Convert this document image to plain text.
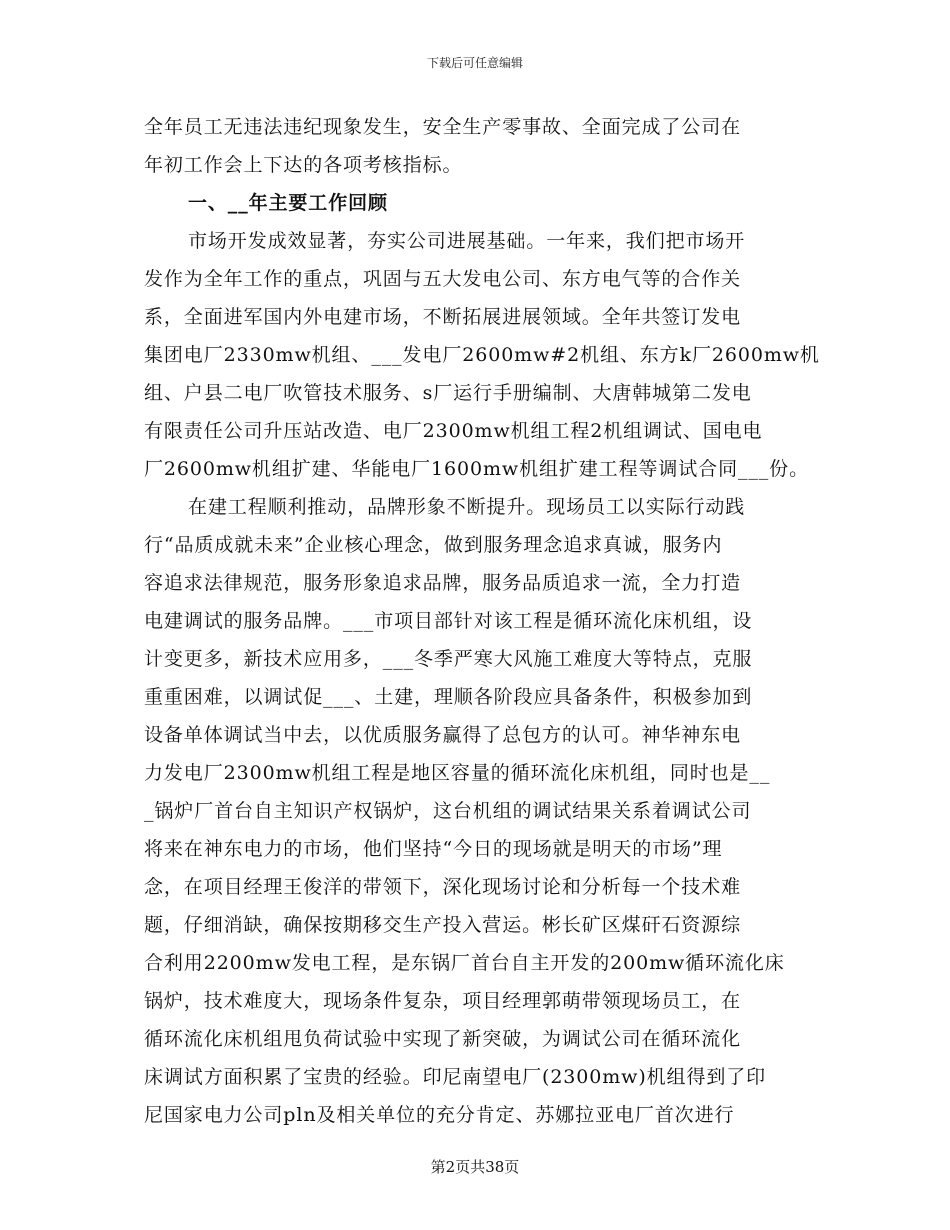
下载后可任意编辑
全年员工无违法违纪现象发生，安全生产零事故、全面完成了公司在
年初工作会上下达的各项考核指标。
一、__年主要工作回顾
市场开发成效显著，夯实公司进展基础。一年来，我们把市场开
发作为全年工作的重点，巩固与五大发电公司、东方电气等的合作关
系，全面进军国内外电建市场，不断拓展进展领域。全年共签订发电
集团电厂2330mw机组、___发电厂2600mw#2机组、东方k厂2600mw机
组、户县二电厂吹管技术服务、s厂运行手册编制、大唐韩城第二发电
有限责任公司升压站改造、电厂2300mw机组工程2机组调试、国电电
厂2600mw机组扩建、华能电厂1600mw机组扩建工程等调试合同___份。
在建工程顺利推动，品牌形象不断提升。现场员工以实际行动践
行“品质成就未来”企业核心理念，做到服务理念追求真诚，服务内
容追求法律规范，服务形象追求品牌，服务品质追求一流，全力打造
电建调试的服务品牌。___市项目部针对该工程是循环流化床机组，设
计变更多，新技术应用多，___冬季严寒大风施工难度大等特点，克服
重重困难，以调试促___、土建，理顺各阶段应具备条件，积极参加到
设备单体调试当中去，以优质服务赢得了总包方的认可。神华神东电
力发电厂2300mw机组工程是地区容量的循环流化床机组，同时也是__
_锅炉厂首台自主知识产权锅炉，这台机组的调试结果关系着调试公司
将来在神东电力的市场，他们坚持“今日的现场就是明天的市场”理
念，在项目经理王俊洋的带领下，深化现场讨论和分析每一个技术难
题，仔细消缺，确保按期移交生产投入营运。彬长矿区煤矸石资源综
合利用2200mw发电工程，是东锅厂首台自主开发的200mw循环流化床
锅炉，技术难度大，现场条件复杂，项目经理郭萌带领现场员工，在
循环流化床机组甩负荷试验中实现了新突破，为调试公司在循环流化
床调试方面积累了宝贵的经验。印尼南望电厂(2300mw)机组得到了印
尼国家电力公司pln及相关单位的充分肯定、苏娜拉亚电厂首次进行
第2页共38页
